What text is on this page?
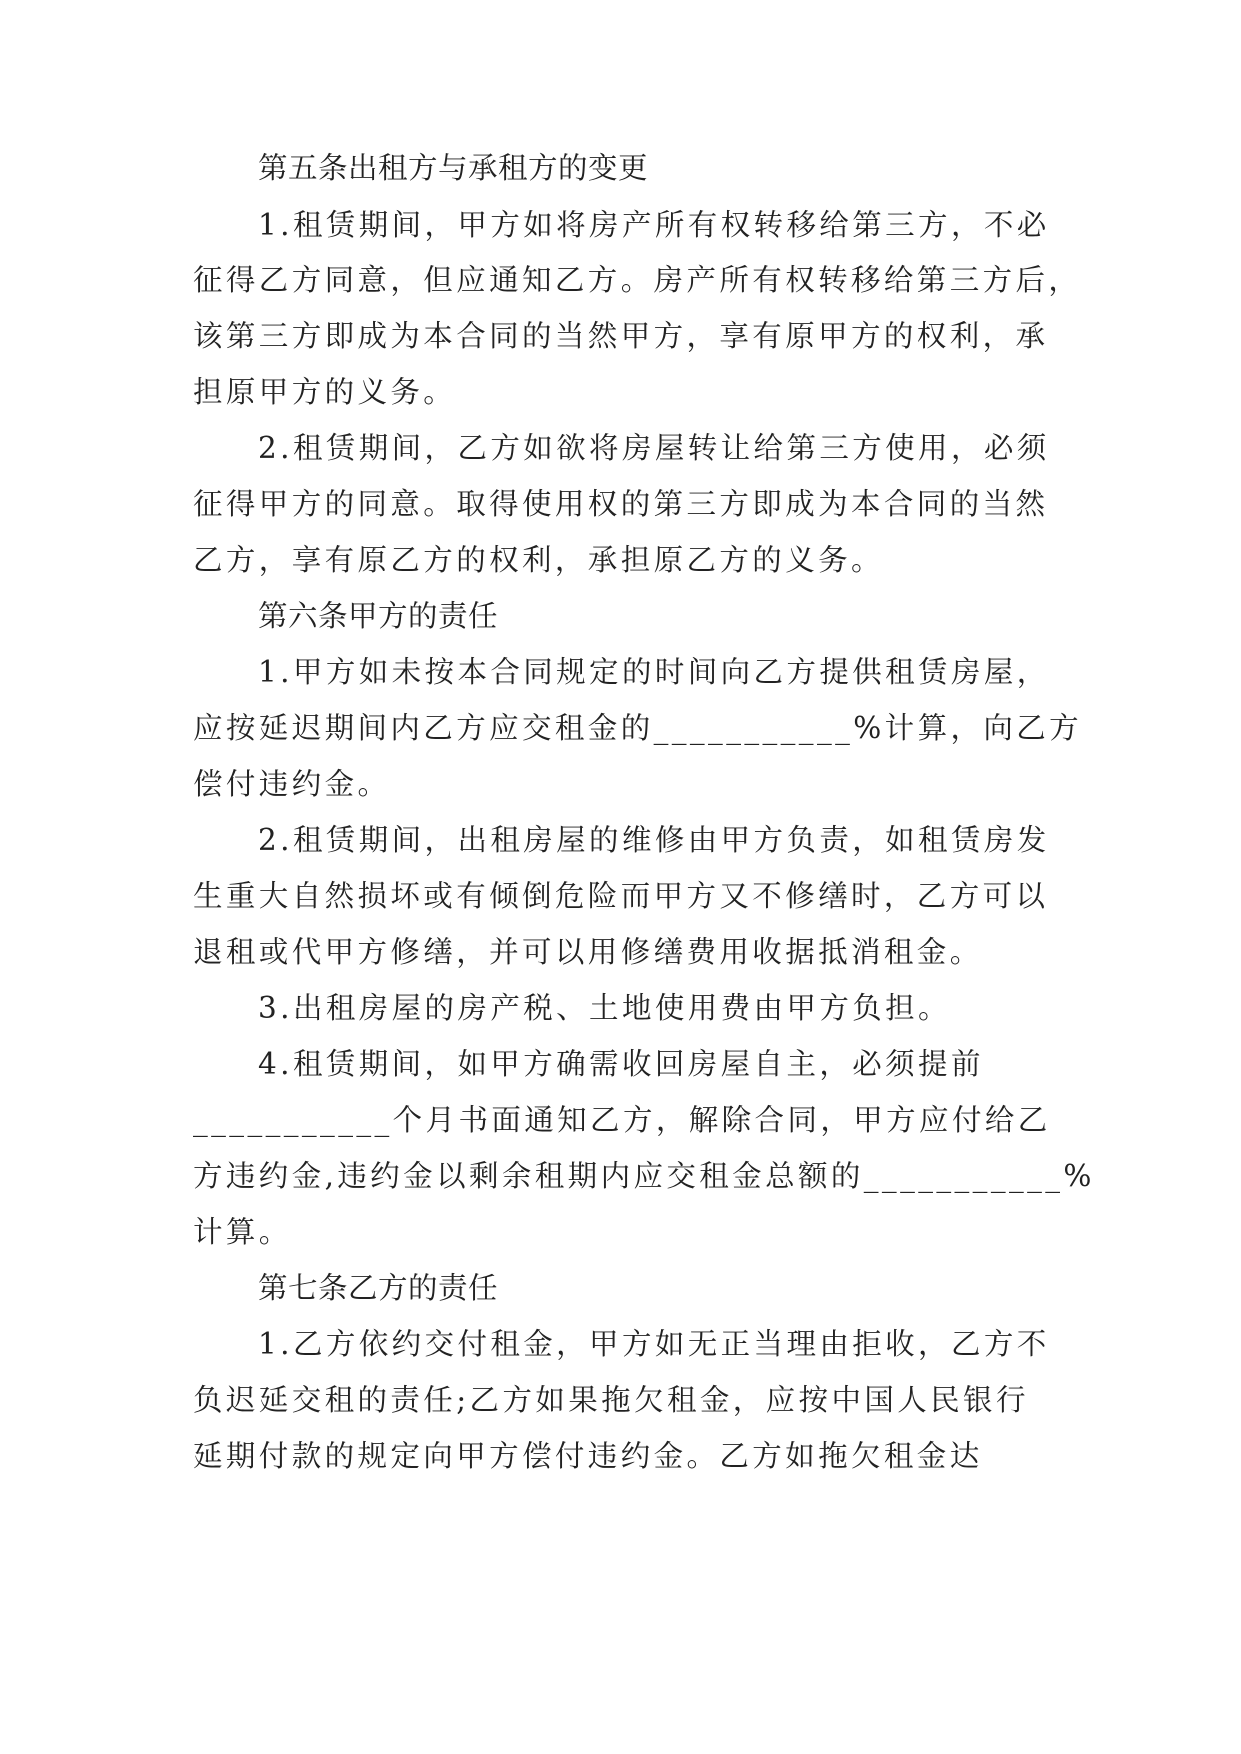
第五条出租方与承租方的变更
1.租赁期间，甲方如将房产所有权转移给第三方，不必
征得乙方同意，但应通知乙方。房产所有权转移给第三方后，
该第三方即成为本合同的当然甲方，享有原甲方的权利，承
担原甲方的义务。
2.租赁期间，乙方如欲将房屋转让给第三方使用，必须
征得甲方的同意。取得使用权的第三方即成为本合同的当然
乙方，享有原乙方的权利，承担原乙方的义务。
第六条甲方的责任
1.甲方如未按本合同规定的时间向乙方提供租赁房屋，
应按延迟期间内乙方应交租金的___________%计算，向乙方
偿付违约金。
2.租赁期间，出租房屋的维修由甲方负责，如租赁房发
生重大自然损坏或有倾倒危险而甲方又不修缮时，乙方可以
退租或代甲方修缮，并可以用修缮费用收据抵消租金。
3.出租房屋的房产税、土地使用费由甲方负担。
4.租赁期间，如甲方确需收回房屋自主，必须提前
___________个月书面通知乙方，解除合同，甲方应付给乙
方违约金,违约金以剩余租期内应交租金总额的___________%
计算。
第七条乙方的责任
1.乙方依约交付租金，甲方如无正当理由拒收，乙方不
负迟延交租的责任;乙方如果拖欠租金，应按中国人民银行
延期付款的规定向甲方偿付违约金。乙方如拖欠租金达
